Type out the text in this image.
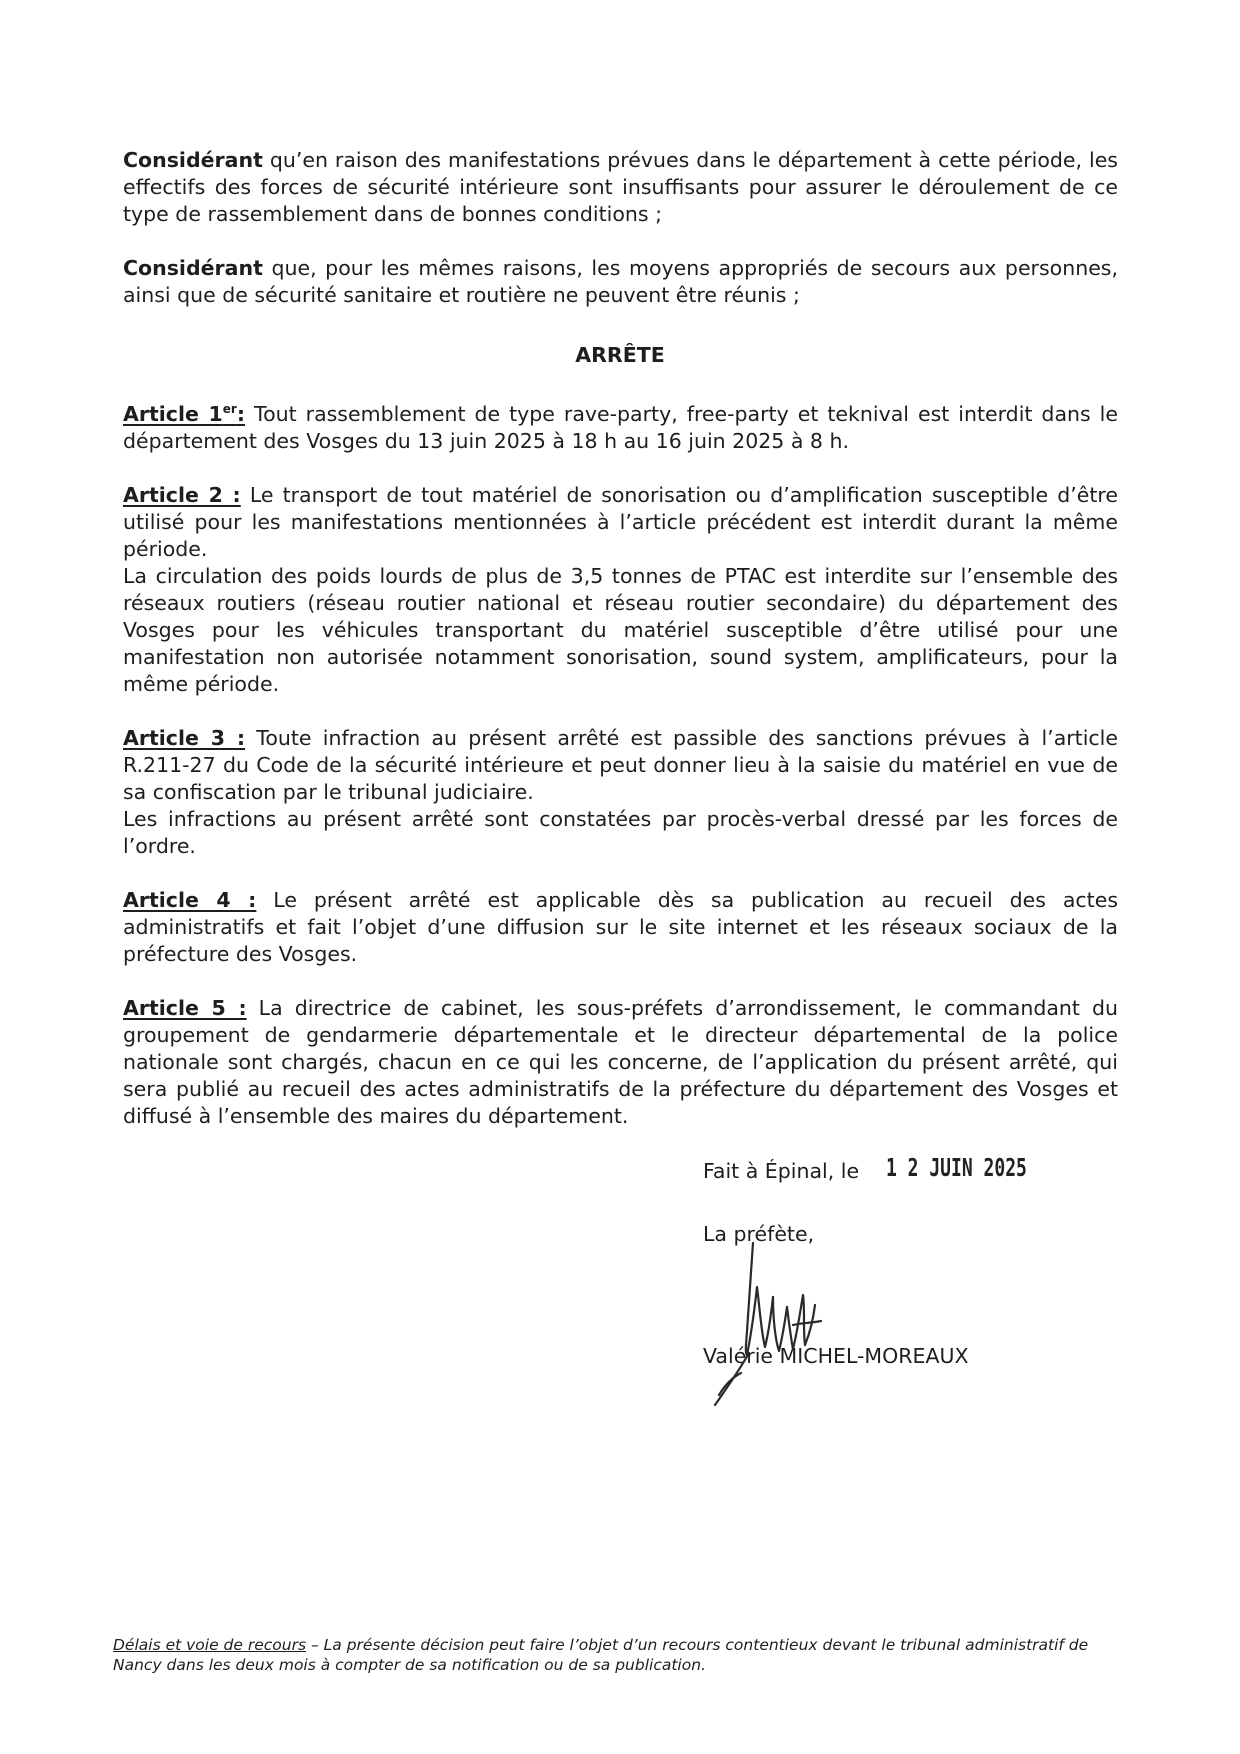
Considérant qu’en raison des manifestations prévues dans le département à cette période, les effectifs des forces de sécurité intérieure sont insuffisants pour assurer le déroulement de ce type de rassemblement dans de bonnes conditions ;

Considérant que, pour les mêmes raisons, les moyens appropriés de secours aux personnes, ainsi que de sécurité sanitaire et routière ne peuvent être réunis ;

ARRÊTE

Article 1er: Tout rassemblement de type rave-party, free-party et teknival est interdit dans le département des Vosges du 13 juin 2025 à 18 h au 16 juin 2025 à 8 h.

Article 2 : Le transport de tout matériel de sonorisation ou d’amplification susceptible d’être utilisé pour les manifestations mentionnées à l’article précédent est interdit durant la même période.

La circulation des poids lourds de plus de 3,5 tonnes de PTAC est interdite sur l’ensemble des réseaux routiers (réseau routier national et réseau routier secondaire) du département des Vosges pour les véhicules transportant du matériel susceptible d’être utilisé pour une manifestation non autorisée notamment sonorisation, sound system, amplificateurs, pour la même période.

Article 3 : Toute infraction au présent arrêté est passible des sanctions prévues à l’article R.211-27 du Code de la sécurité intérieure et peut donner lieu à la saisie du matériel en vue de sa confiscation par le tribunal judiciaire.

Les infractions au présent arrêté sont constatées par procès-verbal dressé par les forces de l’ordre.

Article 4 : Le présent arrêté est applicable dès sa publication au recueil des actes administratifs et fait l’objet d’une diffusion sur le site internet et les réseaux sociaux de la préfecture des Vosges.

Article 5 : La directrice de cabinet, les sous-préfets d’arrondissement, le commandant du groupement de gendarmerie départementale et le directeur départemental de la police nationale sont chargés, chacun en ce qui les concerne, de l’application du présent arrêté, qui sera publié au recueil des actes administratifs de la préfecture du département des Vosges et diffusé à l’ensemble des maires du département.

Fait à Épinal, le 1 2 JUIN 2025
La préfète,
Valérie MICHEL-MOREAUX
Délais et voie de recours – La présente décision peut faire l’objet d’un recours contentieux devant le tribunal administratif de Nancy dans les deux mois à compter de sa notification ou de sa publication.
